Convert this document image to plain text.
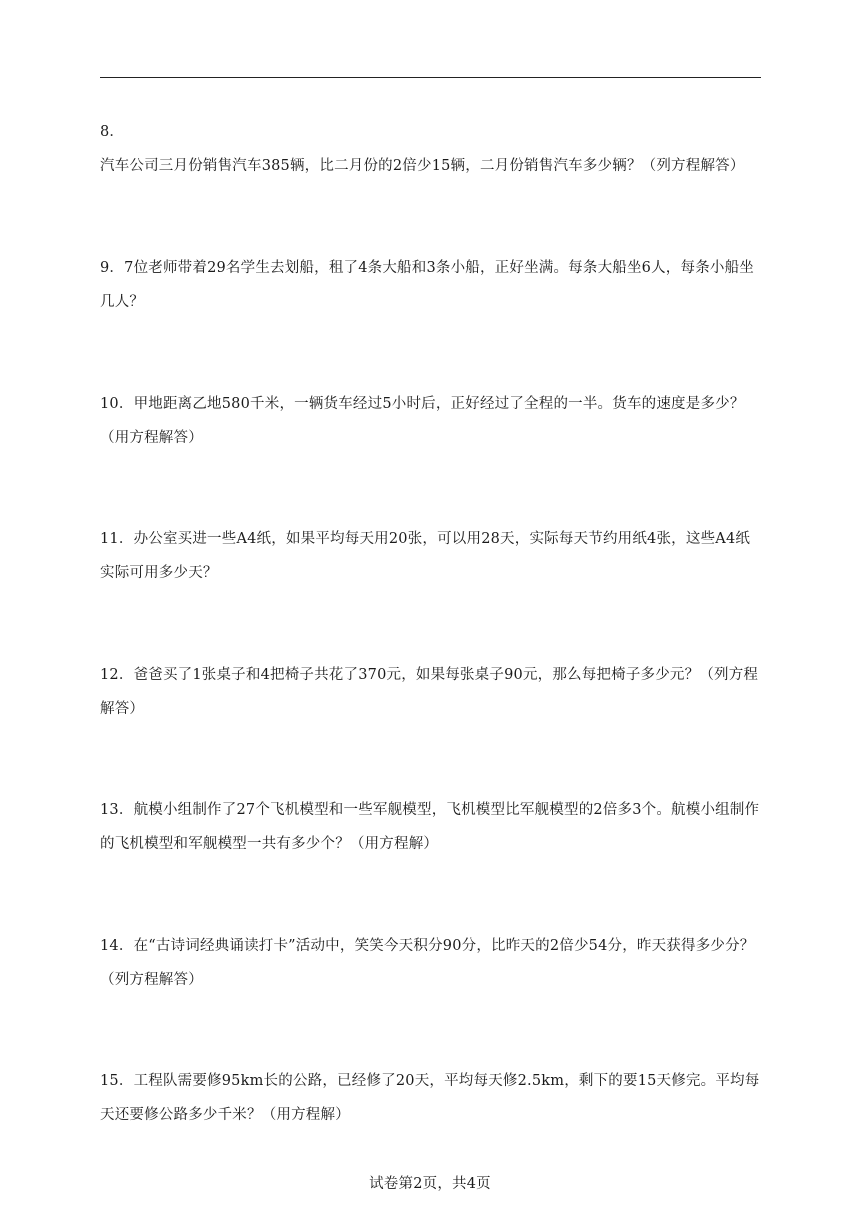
8．汽车公司三月份销售汽车385辆，比二月份的2倍少15辆，二月份销售汽车多少辆？（列方程解答）

9．7位老师带着29名学生去划船，租了4条大船和3条小船，正好坐满。每条大船坐6人，每条小船坐几人？

10．甲地距离乙地580千米，一辆货车经过5小时后，正好经过了全程的一半。货车的速度是多少？（用方程解答）

11．办公室买进一些A4纸，如果平均每天用20张，可以用28天，实际每天节约用纸4张，这些A4纸实际可用多少天？

12．爸爸买了1张桌子和4把椅子共花了370元，如果每张桌子90元，那么每把椅子多少元？（列方程解答）

13．航模小组制作了27个飞机模型和一些军舰模型，飞机模型比军舰模型的2倍多3个。航模小组制作的飞机模型和军舰模型一共有多少个？（用方程解）

14．在“古诗词经典诵读打卡”活动中，笑笑今天积分90分，比昨天的2倍少54分，昨天获得多少分？（列方程解答）

15．工程队需要修95km长的公路，已经修了20天，平均每天修2.5km，剩下的要15天修完。平均每天还要修公路多少千米？（用方程解）

试卷第2页，共4页
